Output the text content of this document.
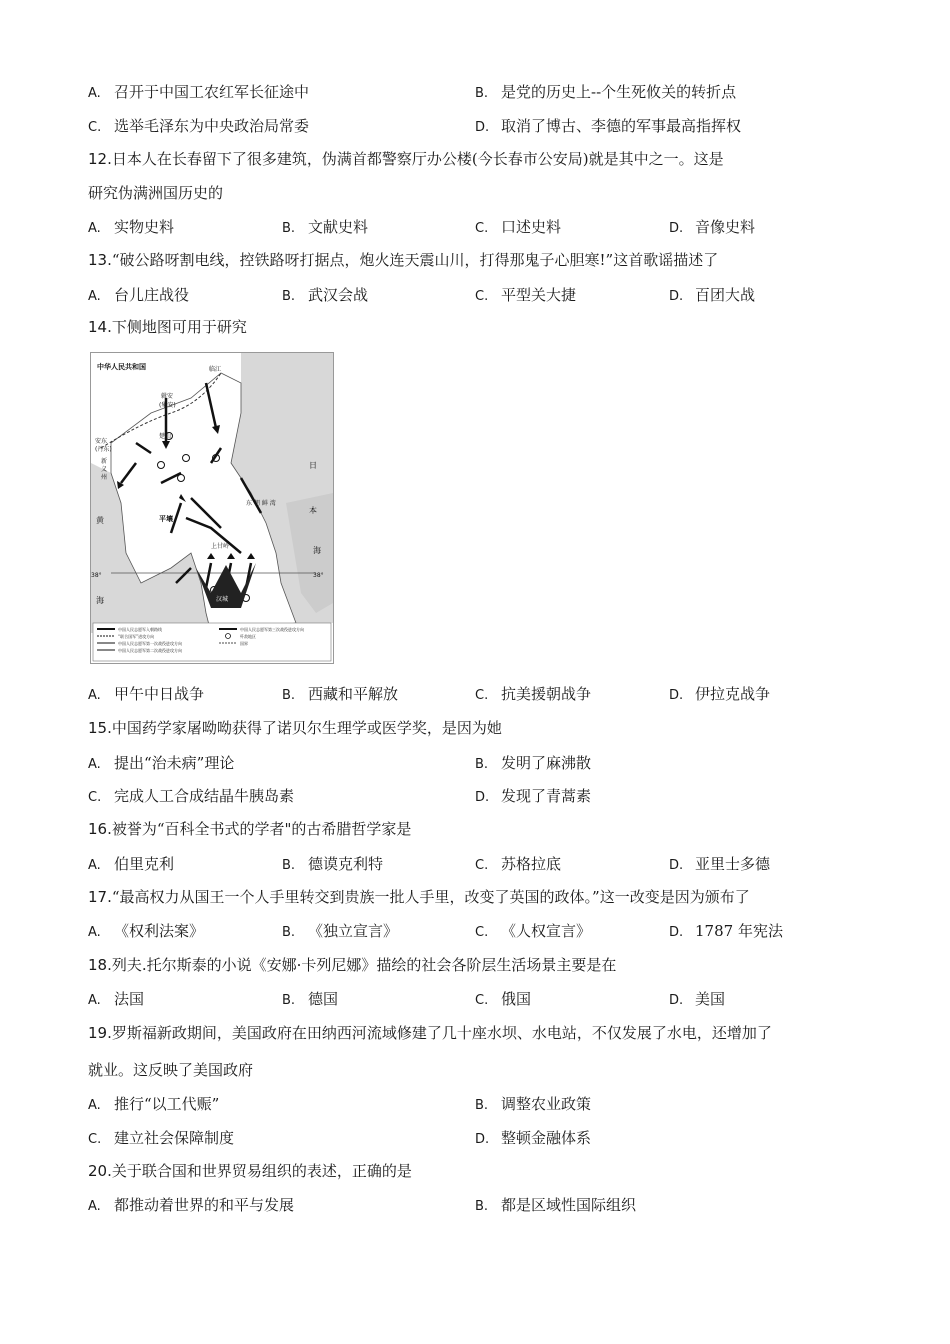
A. 召开于中国工农红军长征途中	B. 是党的历史上--个生死攸关的转折点
C. 选举毛泽东为中央政治局常委	D. 取消了博古、李德的军事最高指挥权
12.日本人在长春留下了很多建筑，伪满首都警察厅办公楼(今长春市公安局)就是其中之一。这是
研究伪满洲国历史的
A. 实物史料	B. 文献史料	C. 口述史料	D. 音像史料
13.“破公路呀割电线，控铁路呀打据点，炮火连天震山川，打得那鬼子心胆寒!”这首歌谣描述了
A. 台儿庄战役	B. 武汉会战	C. 平型关大捷	D. 百团大战
14.下侧地图可用于研究
中华人民共和国	临江
辑安
(集安)
楚山
安东
(丹东)
新
义
州
日
本
东 朝 鲜 湾
海
黄
海
平壤
上甘岭
38°	38°
汉城
中国人民志愿军入朝路线
“联合国军”进攻方向
中国人民志愿军第一次战役进攻方向
中国人民志愿军第二次战役进攻方向
中国人民志愿军第三次战役进攻方向
歼敌地区
国界
A. 甲午中日战争	B. 西藏和平解放	C. 抗美援朝战争	D. 伊拉克战争
15.中国药学家屠呦呦获得了诺贝尔生理学或医学奖，是因为她
A. 提出“治未病”理论	B. 发明了麻沸散
C. 完成人工合成结晶牛胰岛素	D. 发现了青蒿素
16.被誉为“百科全书式的学者"的古希腊哲学家是
A. 伯里克利	B. 德谟克利特	C. 苏格拉底	D. 亚里士多德
17.“最高权力从国王一个人手里转交到贵族一批人手里，改变了英国的政体。”这一改变是因为颁布了
A. 《权利法案》	B. 《独立宣言》	C. 《人权宣言》	D. 1787 年宪法
18.列夫.托尔斯泰的小说《安娜·卡列尼娜》描绘的社会各阶层生活场景主要是在
A. 法国	B. 德国	C. 俄国	D. 美国
19.罗斯福新政期间，美国政府在田纳西河流域修建了几十座水坝、水电站，不仅发展了水电，还增加了
就业。这反映了美国政府
A. 推行“以工代赈”	B. 调整农业政策
C. 建立社会保障制度	D. 整顿金融体系
20.关于联合国和世界贸易组织的表述，正确的是
A. 都推动着世界的和平与发展	B. 都是区域性国际组织
